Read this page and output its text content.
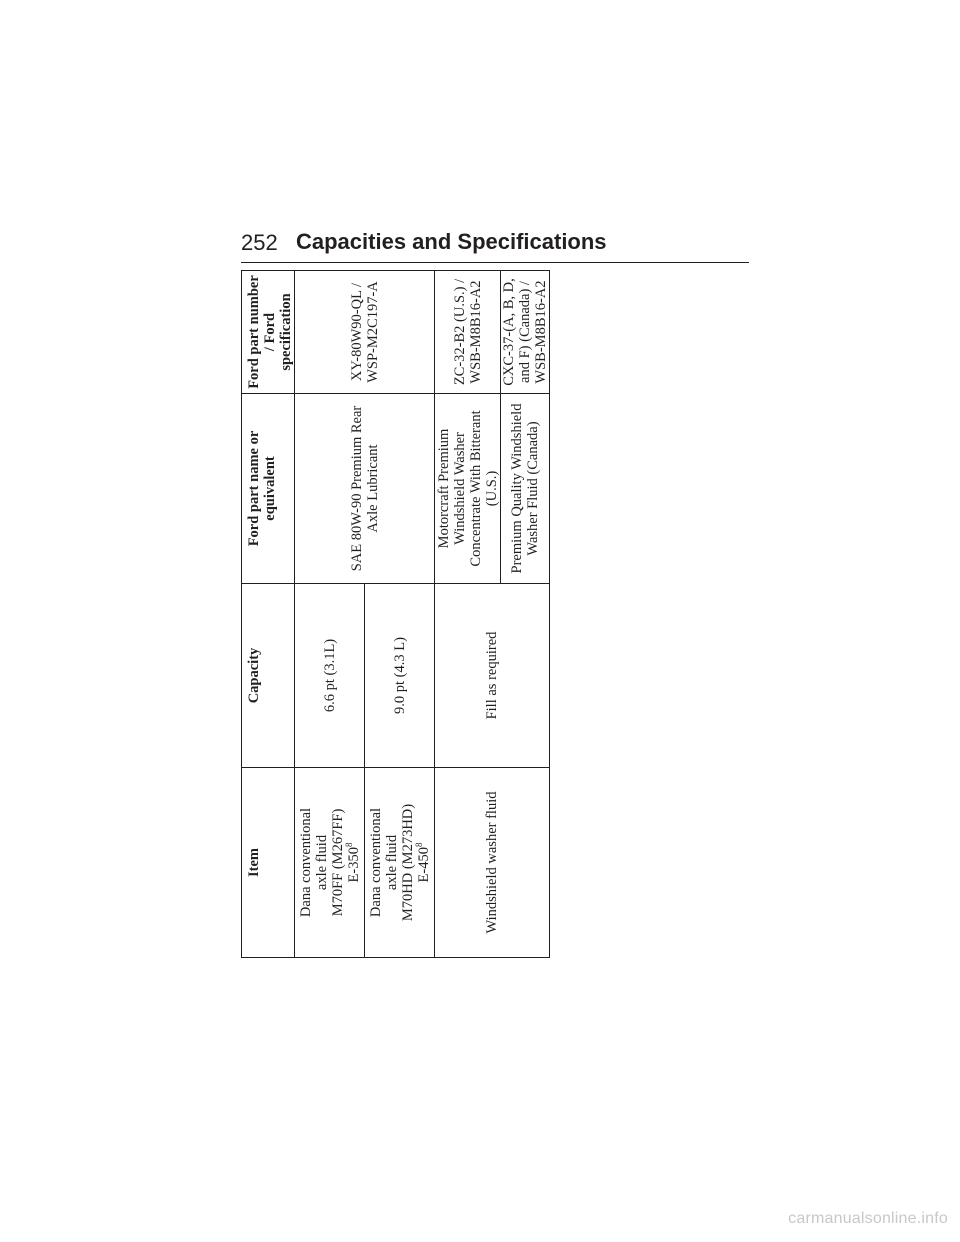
252 Capacities and Specifications
Item	Capacity	Ford part name or equivalent	Ford part number / Ford specification

Dana conventional axle fluid M70FF (M267FF) $E-350^8$	6.6 pt (3.1L)	SAE 80W-90 Premium Rear Axle Lubricant	XY-80W90-QL / WSP-M2C197-A

Dana conventional axle fluid M70HD (M273HD) $E-450^8$	9.0 pt (4.3 L)		
Windshield washer fluid	Fill as required	Motorcraft Premium Windshield Washer Concentrate With Bitterant (U.S.)	ZC-32-B2 (U.S.) / WSB-M8B16-A2
		Premium Quality Windshield Washer Fluid (Canada)	CXC-37-(A, B, D, and F) (Canada) / WSB-M8B16-A2
carmanualsonline.info
